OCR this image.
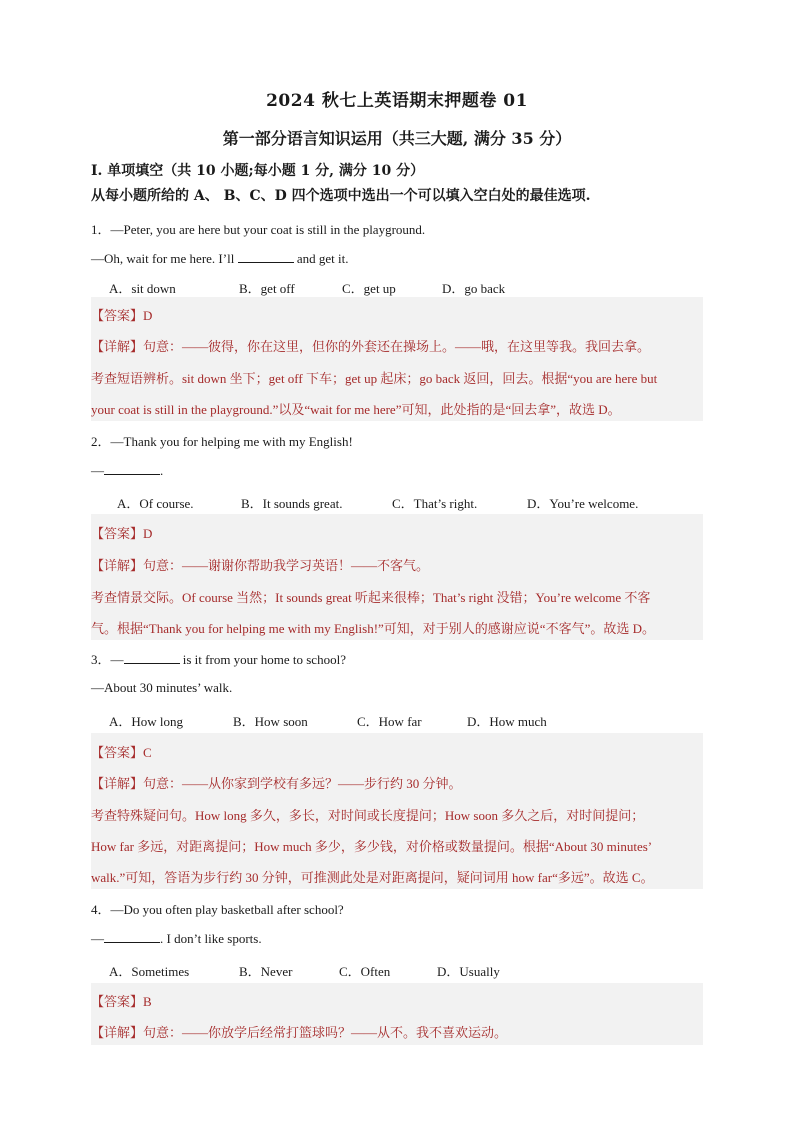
2024 秋七上英语期末押题卷 01
第一部分语言知识运用（共三大题, 满分 35 分）
I. 单项填空（共 10 小题;每小题 1 分, 满分 10 分）
从每小题所给的 A、 B、C、D 四个选项中选出一个可以填入空白处的最佳选项.
1．—Peter, you are here but your coat is still in the playground.
—Oh, wait for me here. I’ll	and get it.
A．sit down	B．get off	C．get up	D．go back
【答案】D
【详解】句意：——彼得，你在这里，但你的外套还在操场上。——哦，在这里等我。我回去拿。
考查短语辨析。sit down 坐下；get off 下车；get up 起床；go back 返回，回去。根据“you are here but
your coat is still in the playground.”以及“wait for me here”可知，此处指的是“回去拿”，故选 D。
2．—Thank you for helping me with my English!
—	.
A．Of course.	B．It sounds great.	C．That’s right.	D．You’re welcome.
【答案】D
【详解】句意：——谢谢你帮助我学习英语！——不客气。
考查情景交际。Of course 当然；It sounds great 听起来很棒；That’s right 没错；You’re welcome 不客
气。根据“Thank you for helping me with my English!”可知，对于别人的感谢应说“不客气”。故选 D。
3．—	is it from your home to school?
—About 30 minutes’ walk.
A．How long	B．How soon	C．How far	D．How much
【答案】C
【详解】句意：——从你家到学校有多远？——步行约 30 分钟。
考查特殊疑问句。How long 多久，多长，对时间或长度提问；How soon 多久之后，对时间提问；
How far 多远，对距离提问；How much 多少，多少钱，对价格或数量提问。根据“About 30 minutes’
walk.”可知，答语为步行约 30 分钟，可推测此处是对距离提问，疑问词用 how far“多远”。故选 C。
4．—Do you often play basketball after school?
—	. I don’t like sports.
A．Sometimes	B．Never	C．Often	D．Usually
【答案】B
【详解】句意：——你放学后经常打篮球吗？——从不。我不喜欢运动。
